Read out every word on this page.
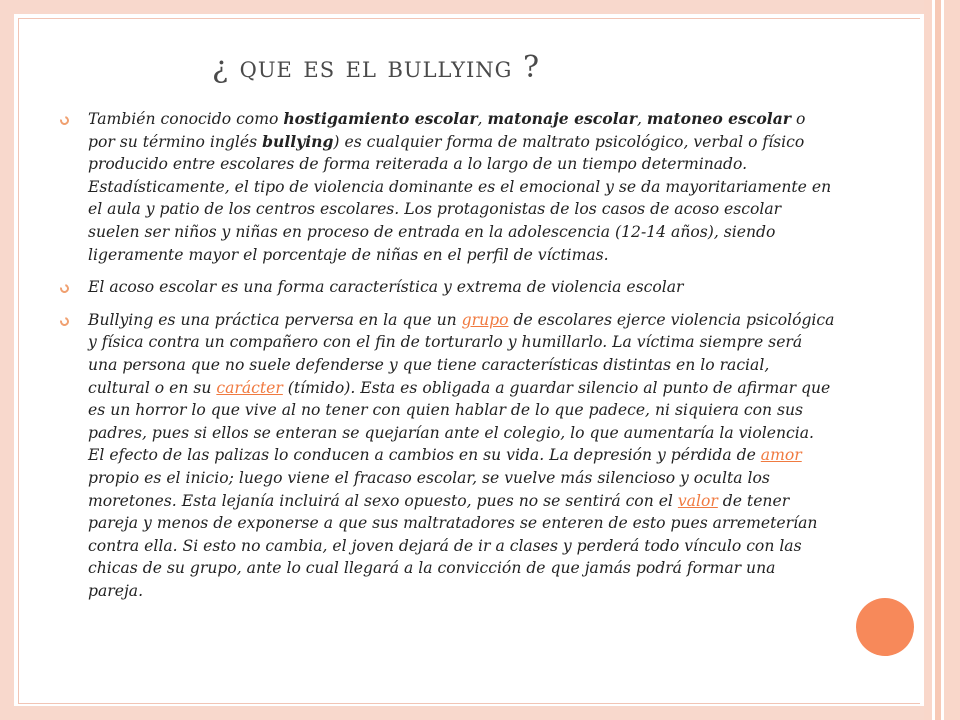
¿ que es el bullying ?

También conocido como hostigamiento escolar, matonaje escolar, matoneo escolar o por su término inglés bullying) es cualquier forma de maltrato psicológico, verbal o físico producido entre escolares de forma reiterada a lo largo de un tiempo determinado. Estadísticamente, el tipo de violencia dominante es el emocional y se da mayoritariamente en el aula y patio de los centros escolares. Los protagonistas de los casos de acoso escolar suelen ser niños y niñas en proceso de entrada en la adolescencia (12-14 años), siendo ligeramente mayor el porcentaje de niñas en el perfil de víctimas.

El acoso escolar es una forma característica y extrema de violencia escolar

Bullying es una práctica perversa en la que un grupo de escolares ejerce violencia psicológica y física contra un compañero con el fin de torturarlo y humillarlo. La víctima siempre será una persona que no suele defenderse y que tiene características distintas en lo racial, cultural o en su carácter (tímido). Esta es obligada a guardar silencio al punto de afirmar que es un horror lo que vive al no tener con quien hablar de lo que padece, ni siquiera con sus padres, pues si ellos se enteran se quejarían ante el colegio, lo que aumentaría la violencia. El efecto de las palizas lo conducen a cambios en su vida. La depresión y pérdida de amor propio es el inicio; luego viene el fracaso escolar, se vuelve más silencioso y oculta los moretones. Esta lejanía incluirá al sexo opuesto, pues no se sentirá con el valor de tener pareja y menos de exponerse a que sus maltratadores se enteren de esto pues arremeterían contra ella. Si esto no cambia, el joven dejará de ir a clases y perderá todo vínculo con las chicas de su grupo, ante lo cual llegará a la convicción de que jamás podrá formar una pareja.
